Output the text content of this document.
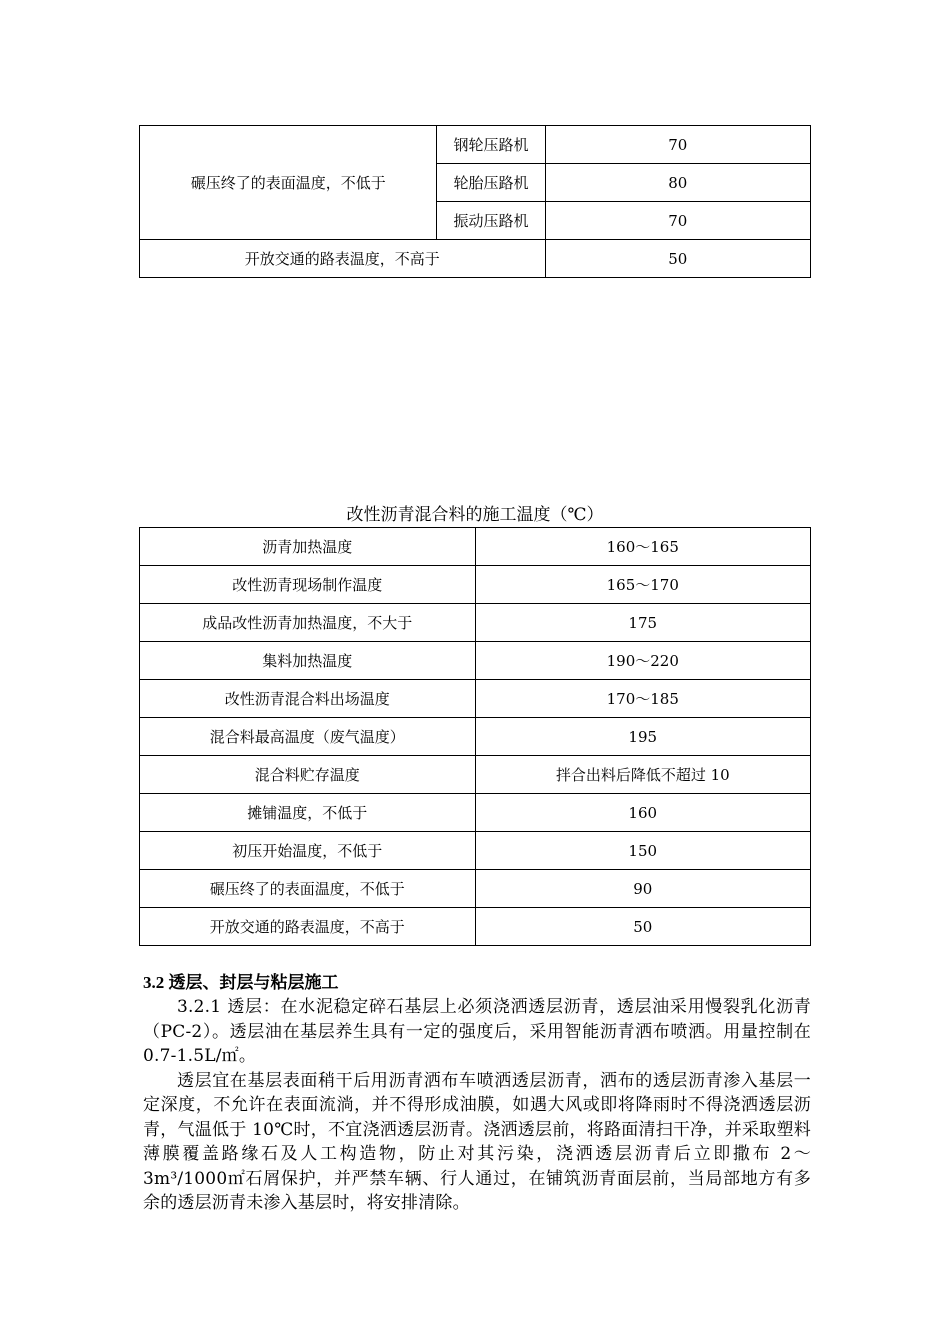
碾压终了的表面温度，不低于	钢轮压路机	70
	轮胎压路机	80
	振动压路机	70
开放交通的路表温度，不高于		50
改性沥青混合料的施工温度（℃）
沥青加热温度	160～165
改性沥青现场制作温度	165～170
成品改性沥青加热温度，不大于	175
集料加热温度	190～220
改性沥青混合料出场温度	170～185
混合料最高温度（废气温度）	195
混合料贮存温度	拌合出料后降低不超过 10
摊铺温度，不低于	160
初压开始温度，不低于	150
碾压终了的表面温度，不低于	90
开放交通的路表温度，不高于	50
3.2 透层、封层与粘层施工

3.2.1 透层：在水泥稳定碎石基层上必须浇洒透层沥青，透层油采用慢裂乳化沥青（PC-2）。透层油在基层养生具有一定的强度后，采用智能沥青洒布喷洒。用量控制在 0.7-1.5L/㎡。

透层宜在基层表面稍干后用沥青洒布车喷洒透层沥青，洒布的透层沥青渗入基层一定深度，不允许在表面流淌，并不得形成油膜，如遇大风或即将降雨时不得浇洒透层沥青，气温低于 10℃时，不宜浇洒透层沥青。浇洒透层前，将路面清扫干净，并采取塑料薄膜覆盖路缘石及人工构造物，防止对其污染，浇洒透层沥青后立即撒布 2～3m³/1000㎡石屑保护，并严禁车辆、行人通过，在铺筑沥青面层前，当局部地方有多余的透层沥青未渗入基层时，将安排清除。
